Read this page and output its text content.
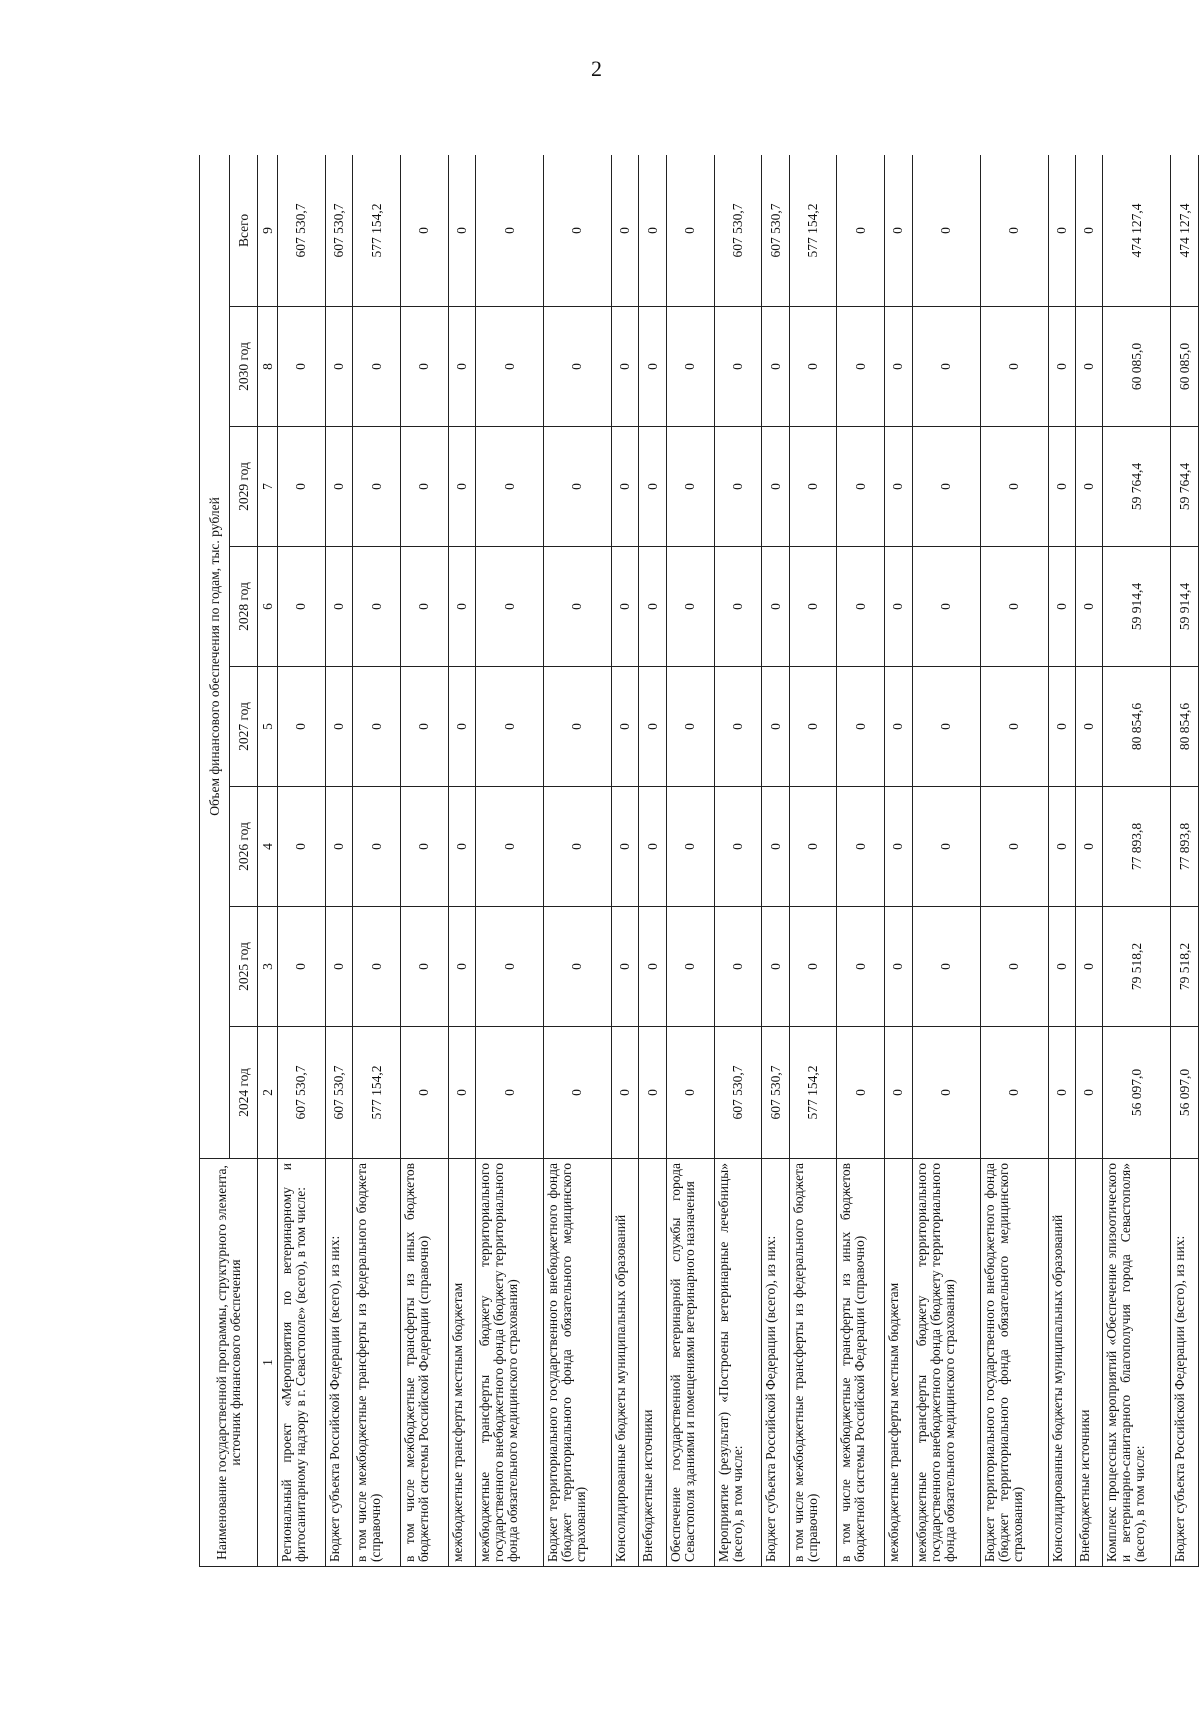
2
Наименование государственной программы, структурного элемента, источник финансового обеспечения	Объем финансового обеспечения по годам, тыс. рублей							
	2024 год	2025 год	2026 год	2027 год	2028 год	2029 год	2030 год	Всего
1	2	3	4	5	6	7	8	9
Региональный проект «Мероприятия по ветеринарному и фитосанитарному надзору в г. Севастополе» (всего), в том числе:	607 530,7	0	0	0	0	0	0	607 530,7
Бюджет субъекта Российской Федерации (всего), из них:	607 530,7	0	0	0	0	0	0	607 530,7
в том числе межбюджетные трансферты из федерального бюджета (справочно)	577 154,2	0	0	0	0	0	0	577 154,2
в том числе межбюджетные трансферты из иных бюджетов бюджетной системы Российской Федерации (справочно)	0	0	0	0	0	0	0	0
межбюджетные трансферты местным бюджетам	0	0	0	0	0	0	0	0
межбюджетные трансферты бюджету территориального государственного внебюджетного фонда (бюджету территориального фонда обязательного медицинского страхования)	0	0	0	0	0	0	0	0
Бюджет территориального государственного внебюджетного фонда (бюджет территориального фонда обязательного медицинского страхования)	0	0	0	0	0	0	0	0
Консолидированные бюджеты муниципальных образований	0	0	0	0	0	0	0	0
Внебюджетные источники	0	0	0	0	0	0	0	0
Обеспечение государственной ветеринарной службы города Севастополя зданиями и помещениями ветеринарного назначения	0	0	0	0	0	0	0	0
Мероприятие (результат) «Построены ветеринарные лечебницы» (всего), в том числе:	607 530,7	0	0	0	0	0	0	607 530,7
Бюджет субъекта Российской Федерации (всего), из них:	607 530,7	0	0	0	0	0	0	607 530,7
в том числе межбюджетные трансферты из федерального бюджета (справочно)	577 154,2	0	0	0	0	0	0	577 154,2
в том числе межбюджетные трансферты из иных бюджетов бюджетной системы Российской Федерации (справочно)	0	0	0	0	0	0	0	0
межбюджетные трансферты местным бюджетам	0	0	0	0	0	0	0	0
межбюджетные трансферты бюджету территориального государственного внебюджетного фонда (бюджету территориального фонда обязательного медицинского страхования)	0	0	0	0	0	0	0	0
Бюджет территориального государственного внебюджетного фонда (бюджет территориального фонда обязательного медицинского страхования)	0	0	0	0	0	0	0	0
Консолидированные бюджеты муниципальных образований	0	0	0	0	0	0	0	0
Внебюджетные источники	0	0	0	0	0	0	0	0
Комплекс процессных мероприятий «Обеспечение эпизоотического и ветеринарно-санитарного благополучия города Севастополя» (всего), в том числе:	56 097,0	79 518,2	77 893,8	80 854,6	59 914,4	59 764,4	60 085,0	474 127,4
Бюджет субъекта Российской Федерации (всего), из них:	56 097,0	79 518,2	77 893,8	80 854,6	59 914,4	59 764,4	60 085,0	474 127,4
